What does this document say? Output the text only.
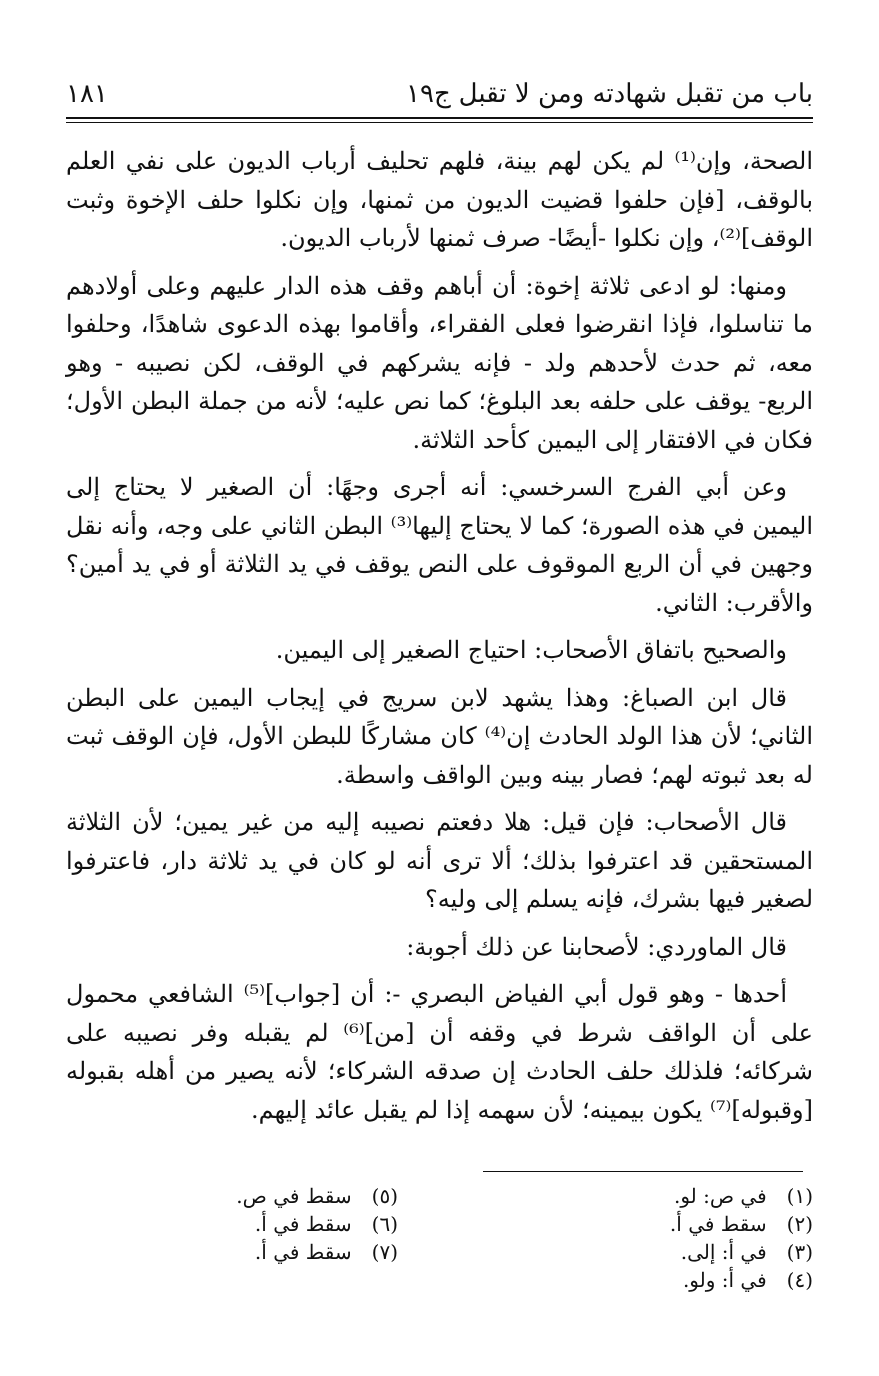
باب من تقبل شهادته ومن لا تقبل
ج١٩
١٨١

الصحة، وإن⁽¹⁾ لم يكن لهم بينة، فلهم تحليف أرباب الديون على نفي العلم بالوقف، [فإن حلفوا قضيت الديون من ثمنها، وإن نكلوا حلف الإخوة وثبت الوقف]⁽²⁾، وإن نكلوا -أيضًا- صرف ثمنها لأرباب الديون.

ومنها: لو ادعى ثلاثة إخوة: أن أباهم وقف هذه الدار عليهم وعلى أولادهم ما تناسلوا، فإذا انقرضوا فعلى الفقراء، وأقاموا بهذه الدعوى شاهدًا، وحلفوا معه، ثم حدث لأحدهم ولد - فإنه يشركهم في الوقف، لكن نصيبه - وهو الربع- يوقف على حلفه بعد البلوغ؛ كما نص عليه؛ لأنه من جملة البطن الأول؛ فكان في الافتقار إلى اليمين كأحد الثلاثة.

وعن أبي الفرج السرخسي: أنه أجرى وجهًا: أن الصغير لا يحتاج إلى اليمين في هذه الصورة؛ كما لا يحتاج إليها⁽³⁾ البطن الثاني على وجه، وأنه نقل وجهين في أن الربع الموقوف على النص يوقف في يد الثلاثة أو في يد أمين؟ والأقرب: الثاني.

والصحيح باتفاق الأصحاب: احتياج الصغير إلى اليمين.

قال ابن الصباغ: وهذا يشهد لابن سريج في إيجاب اليمين على البطن الثاني؛ لأن هذا الولد الحادث إن⁽⁴⁾ كان مشاركًا للبطن الأول، فإن الوقف ثبت له بعد ثبوته لهم؛ فصار بينه وبين الواقف واسطة.

قال الأصحاب: فإن قيل: هلا دفعتم نصيبه إليه من غير يمين؛ لأن الثلاثة المستحقين قد اعترفوا بذلك؛ ألا ترى أنه لو كان في يد ثلاثة دار، فاعترفوا لصغير فيها بشرك، فإنه يسلم إلى وليه؟

قال الماوردي: لأصحابنا عن ذلك أجوبة:

أحدها - وهو قول أبي الفياض البصري -: أن [جواب]⁽⁵⁾ الشافعي محمول على أن الواقف شرط في وقفه أن [من]⁽⁶⁾ لم يقبله وفر نصيبه على شركائه؛ فلذلك حلف الحادث إن صدقه الشركاء؛ لأنه يصير من أهله بقبوله [وقبوله]⁽⁷⁾ يكون بيمينه؛ لأن سهمه إذا لم يقبل عائد إليهم.

(١) في ص: لو.
(٢) سقط في أ.
(٣) في أ: إلى.
(٤) في أ: ولو.
(٥) سقط في ص.
(٦) سقط في أ.
(٧) سقط في أ.
